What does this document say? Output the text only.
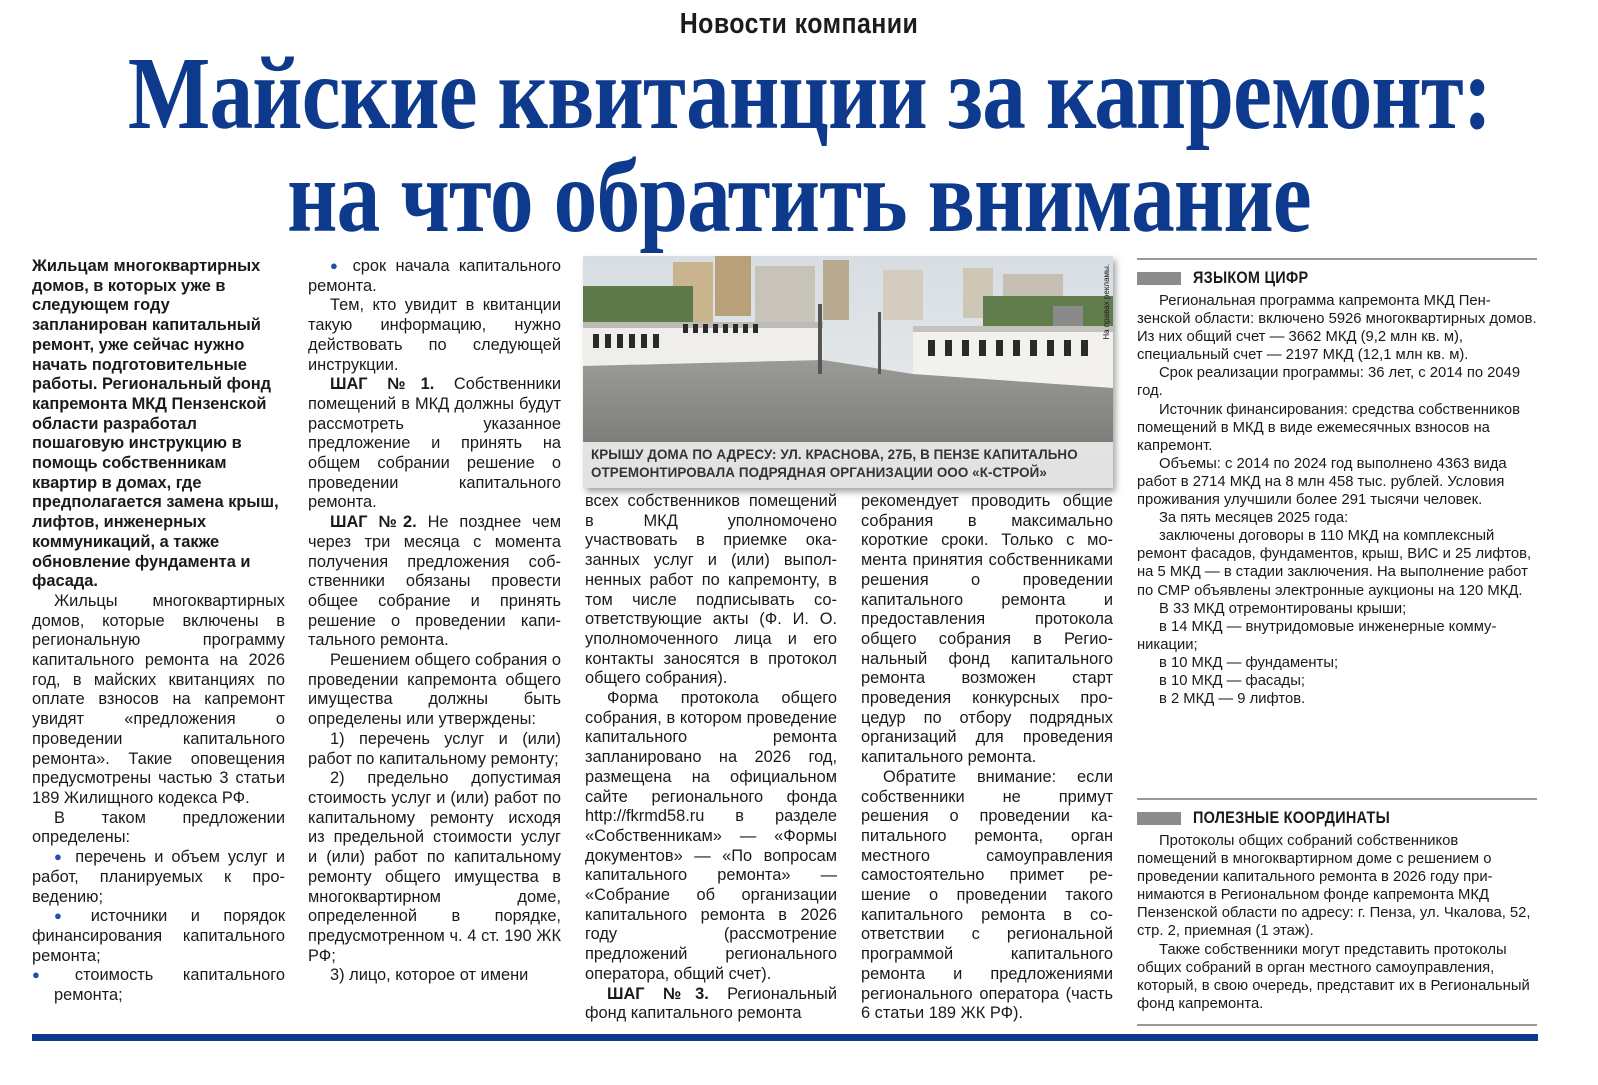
Новости компании
Майские квитанции за капремонт:
на что обратить внимание

Жильцам многоквартирных домов, в которых уже в следующем году запланирован капитальный ремонт, уже сейчас нужно начать подготовительные работы. Региональный фонд капремонта МКД Пензенской области разработал пошаговую инструкцию в помощь собственникам квартир в домах, где предполагается замена крыш, лифтов, инженерных коммуникаций, а также обновление фундамента и фасада.

Жильцы многоквартирных домов, которые включены в региональную программу капитального ремонта на 2026 год, в майских квитанциях по оплате взносов на капремонт увидят «предложения о проведении капитального ремонта». Такие оповещения предусмотрены частью 3 статьи 189 Жилищного кодекса РФ.

В таком предложении определены:

● перечень и объем услуг и работ, планируемых к проведению;

● источники и порядок финансирования капитального ремонта;

● стоимость капитального ремонта;

● срок начала капитального ремонта.

Тем, кто увидит в квитанции такую информацию, нужно действовать по следующей инструкции.

ШАГ №1. Собственники помещений в МКД должны будут рассмотреть указанное предложение и принять на общем собрании решение о проведении капитального ремонта.

ШАГ №2. Не позднее чем через три месяца с момента получения предложения собственники обязаны провести общее собрание и принять решение о проведении капитального ремонта.

Решением общего собрания о проведении капремонта общего имущества должны быть определены или утверждены:

1) перечень услуг и (или) работ по капитальному ремонту;

2) предельно допустимая стоимость услуг и (или) работ по капитальному ремонту исходя из предельной стоимости услуг и (или) работ по капитальному ремонту общего имущества в многоквартирном доме, определенной в порядке, предусмотренном ч. 4 ст. 190 ЖК РФ;

3) лицо, которое от имени

На правах рекламы.
КРЫШУ ДОМА ПО АДРЕСУ: УЛ. КРАСНОВА, 27Б, В ПЕНЗЕ КАПИТАЛЬНО ОТРЕМОНТИРОВАЛА ПОДРЯДНАЯ ОРГАНИЗАЦИИ ООО «К-СТРОЙ»

всех собственников помещений в МКД уполномочено участвовать в приемке оказанных услуг и (или) выполненных работ по капремонту, в том числе подписывать соответствующие акты (Ф. И. О. уполномоченного лица и его контакты заносятся в протокол общего собрания).

Форма протокола общего собрания, в котором проведение капитального ремонта запланировано на 2026 год, размещена на официальном сайте регионального фонда http://fkrmd58.ru в разделе «Собственникам» — «Формы документов» — «По вопросам капитального ремонта» — «Собрание об организации капитального ремонта в 2026 году (рассмотрение предложений регионального оператора, общий счет).

ШАГ №3. Региональный фонд капитального ремонта

рекомендует проводить общие собрания в максимально короткие сроки. Только с момента принятия собственниками решения о проведении капитального ремонта и предоставления протокола общего собрания в Региональный фонд капитального ремонта возможен старт проведения конкурсных процедур по отбору подрядных организаций для проведения капитального ремонта.

Обратите внимание: если собственники не примут решения о проведении капитального ремонта, орган местного самоуправления самостоятельно примет решение о проведении такого капитального ремонта в соответствии с региональной программой капитального ремонта и предложениями регионального оператора (часть 6 статьи 189 ЖК РФ).

ЯЗЫКОМ ЦИФР

Региональная программа капремонта МКД Пензенской области: включено 5926 многоквартирных домов. Из них общий счет — 3662 МКД (9,2 млн кв. м), специальный счет — 2197 МКД (12,1 млн кв. м).

Срок реализации программы: 36 лет, с 2014 по 2049 год.

Источник финансирования: средства собственников помещений в МКД в виде ежемесячных взносов на капремонт.

Объемы: с 2014 по 2024 год выполнено 4363 вида работ в 2714 МКД на 8 млн 458 тыс. рублей. Условия проживания улучшили более 291 тысячи человек.

За пять месяцев 2025 года:

заключены договоры в 110 МКД на комплексный ремонт фасадов, фундаментов, крыш, ВИС и 25 лифтов, на 5 МКД — в стадии заключения. На выполнение работ по СМР объявлены электронные аукционы на 120 МКД.

В 33 МКД отремонтированы крыши;

в 14 МКД — внутридомовые инженерные коммуникации;

в 10 МКД — фундаменты;

в 10 МКД — фасады;

в 2 МКД — 9 лифтов.

ПОЛЕЗНЫЕ КООРДИНАТЫ

Протоколы общих собраний собственников помещений в многоквартирном доме с решением о проведении капитального ремонта в 2026 году принимаются в Региональном фонде капремонта МКД Пензенской области по адресу: г. Пенза, ул. Чкалова, 52, стр. 2, приемная (1 этаж).

Также собственники могут представить протоколы общих собраний в орган местного самоуправления, который, в свою очередь, представит их в Региональный фонд капремонта.
